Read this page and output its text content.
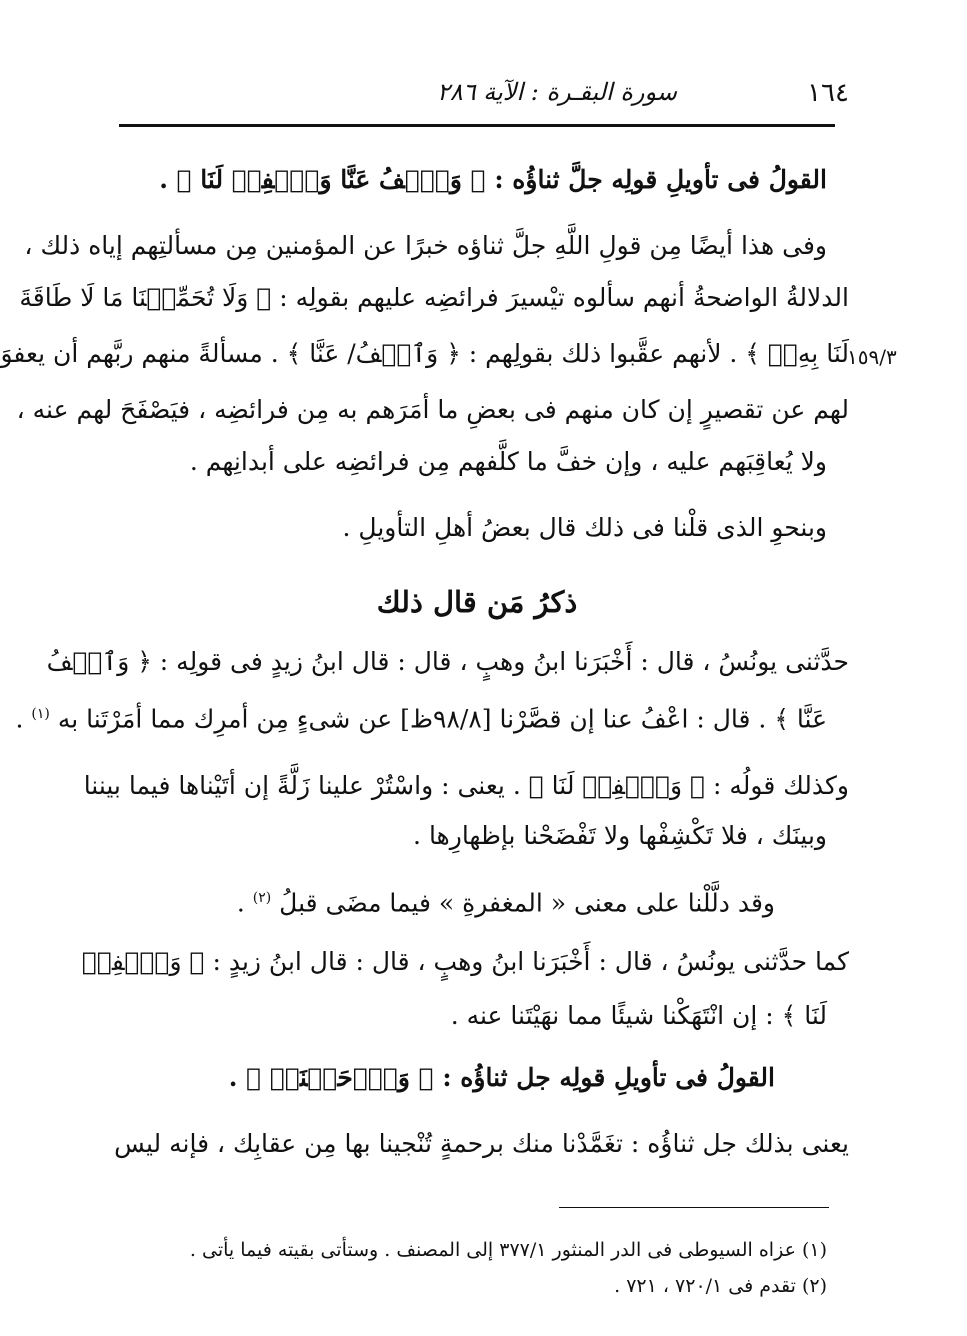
١٦٤
سورة البقـرة : الآية ٢٨٦
١٥٩/٣
القولُ فى تأويلِ قولِه جلَّ ثناؤُه : ﴿ وَٱعۡفُ عَنَّا وَٱغۡفِرۡ لَنَا ﴾ .
وفى هذا أيضًا مِن قولِ اللَّهِ جلَّ ثناؤه خبرًا عن المؤمنين مِن مسألتِهم إياه ذلك ،
الدلالةُ الواضحةُ أنهم سألوه تيْسيرَ فرائضِه عليهم بقولِه : ﴿ وَلَا تُحَمِّلۡنَا مَا لَا طَاقَةَ
لَنَا بِهِۦۖ ﴾ . لأنهم عقَّبوا ذلك بقولِهم : ﴿ وَٱعۡفُ/ عَنَّا ﴾ . مسألةً منهم ربَّهم أن يعفوَ
لهم عن تقصيرٍ إن كان منهم فى بعضِ ما أمَرَهم به مِن فرائضِه ، فيَصْفَحَ لهم عنه ،
ولا يُعاقِبَهم عليه ، وإن خفَّ ما كلَّفهم مِن فرائضِه على أبدانِهم .
وبنحوِ الذى قلْنا فى ذلك قال بعضُ أهلِ التأويلِ .
ذكرُ مَن قال ذلك
حدَّثنى يونُسُ ، قال : أَخْبَرَنا ابنُ وهبٍ ، قال : قال ابنُ زيدٍ فى قولِه : ﴿ وَٱعۡفُ
عَنَّا ﴾ . قال : اعْفُ عنا إن قصَّرْنا [٩٨/٨ظ] عن شىءٍ مِن أمرِك مما أمَرْتَنا به $^{(١)}$ .
وكذلك قولُه : ﴿ وَٱغۡفِرۡ لَنَا ﴾ . يعنى : واسْتُرْ علينا زَلَّةً إن أتَيْناها فيما بيننا
وبينَك ، فلا تَكْشِفْها ولا تَفْضَحْنا بإظهارِها .
وقد دلَّلْنا على معنى « المغفرةِ » فيما مضَى قبلُ $^{(٢)}$ .
كما حدَّثنى يونُسُ ، قال : أَخْبَرَنا ابنُ وهبٍ ، قال : قال ابنُ زيدٍ : ﴿ وَٱغۡفِرۡ
لَنَا ﴾ : إن انْتَهَكْنا شيئًا مما نهَيْتَنا عنه .
القولُ فى تأويلِ قولِه جل ثناؤُه : ﴿ وَٱرۡحَمۡنَآۚ ﴾ .
يعنى بذلك جل ثناؤُه : تغَمَّدْنا منك برحمةٍ تُنْجينا بها مِن عقابِك ، فإنه ليس
(١) عزاه السيوطى فى الدر المنثور ٣٧٧/١ إلى المصنف . وستأتى بقيته فيما يأتى .
(٢) تقدم فى ٧٢٠/١ ، ٧٢١ .
